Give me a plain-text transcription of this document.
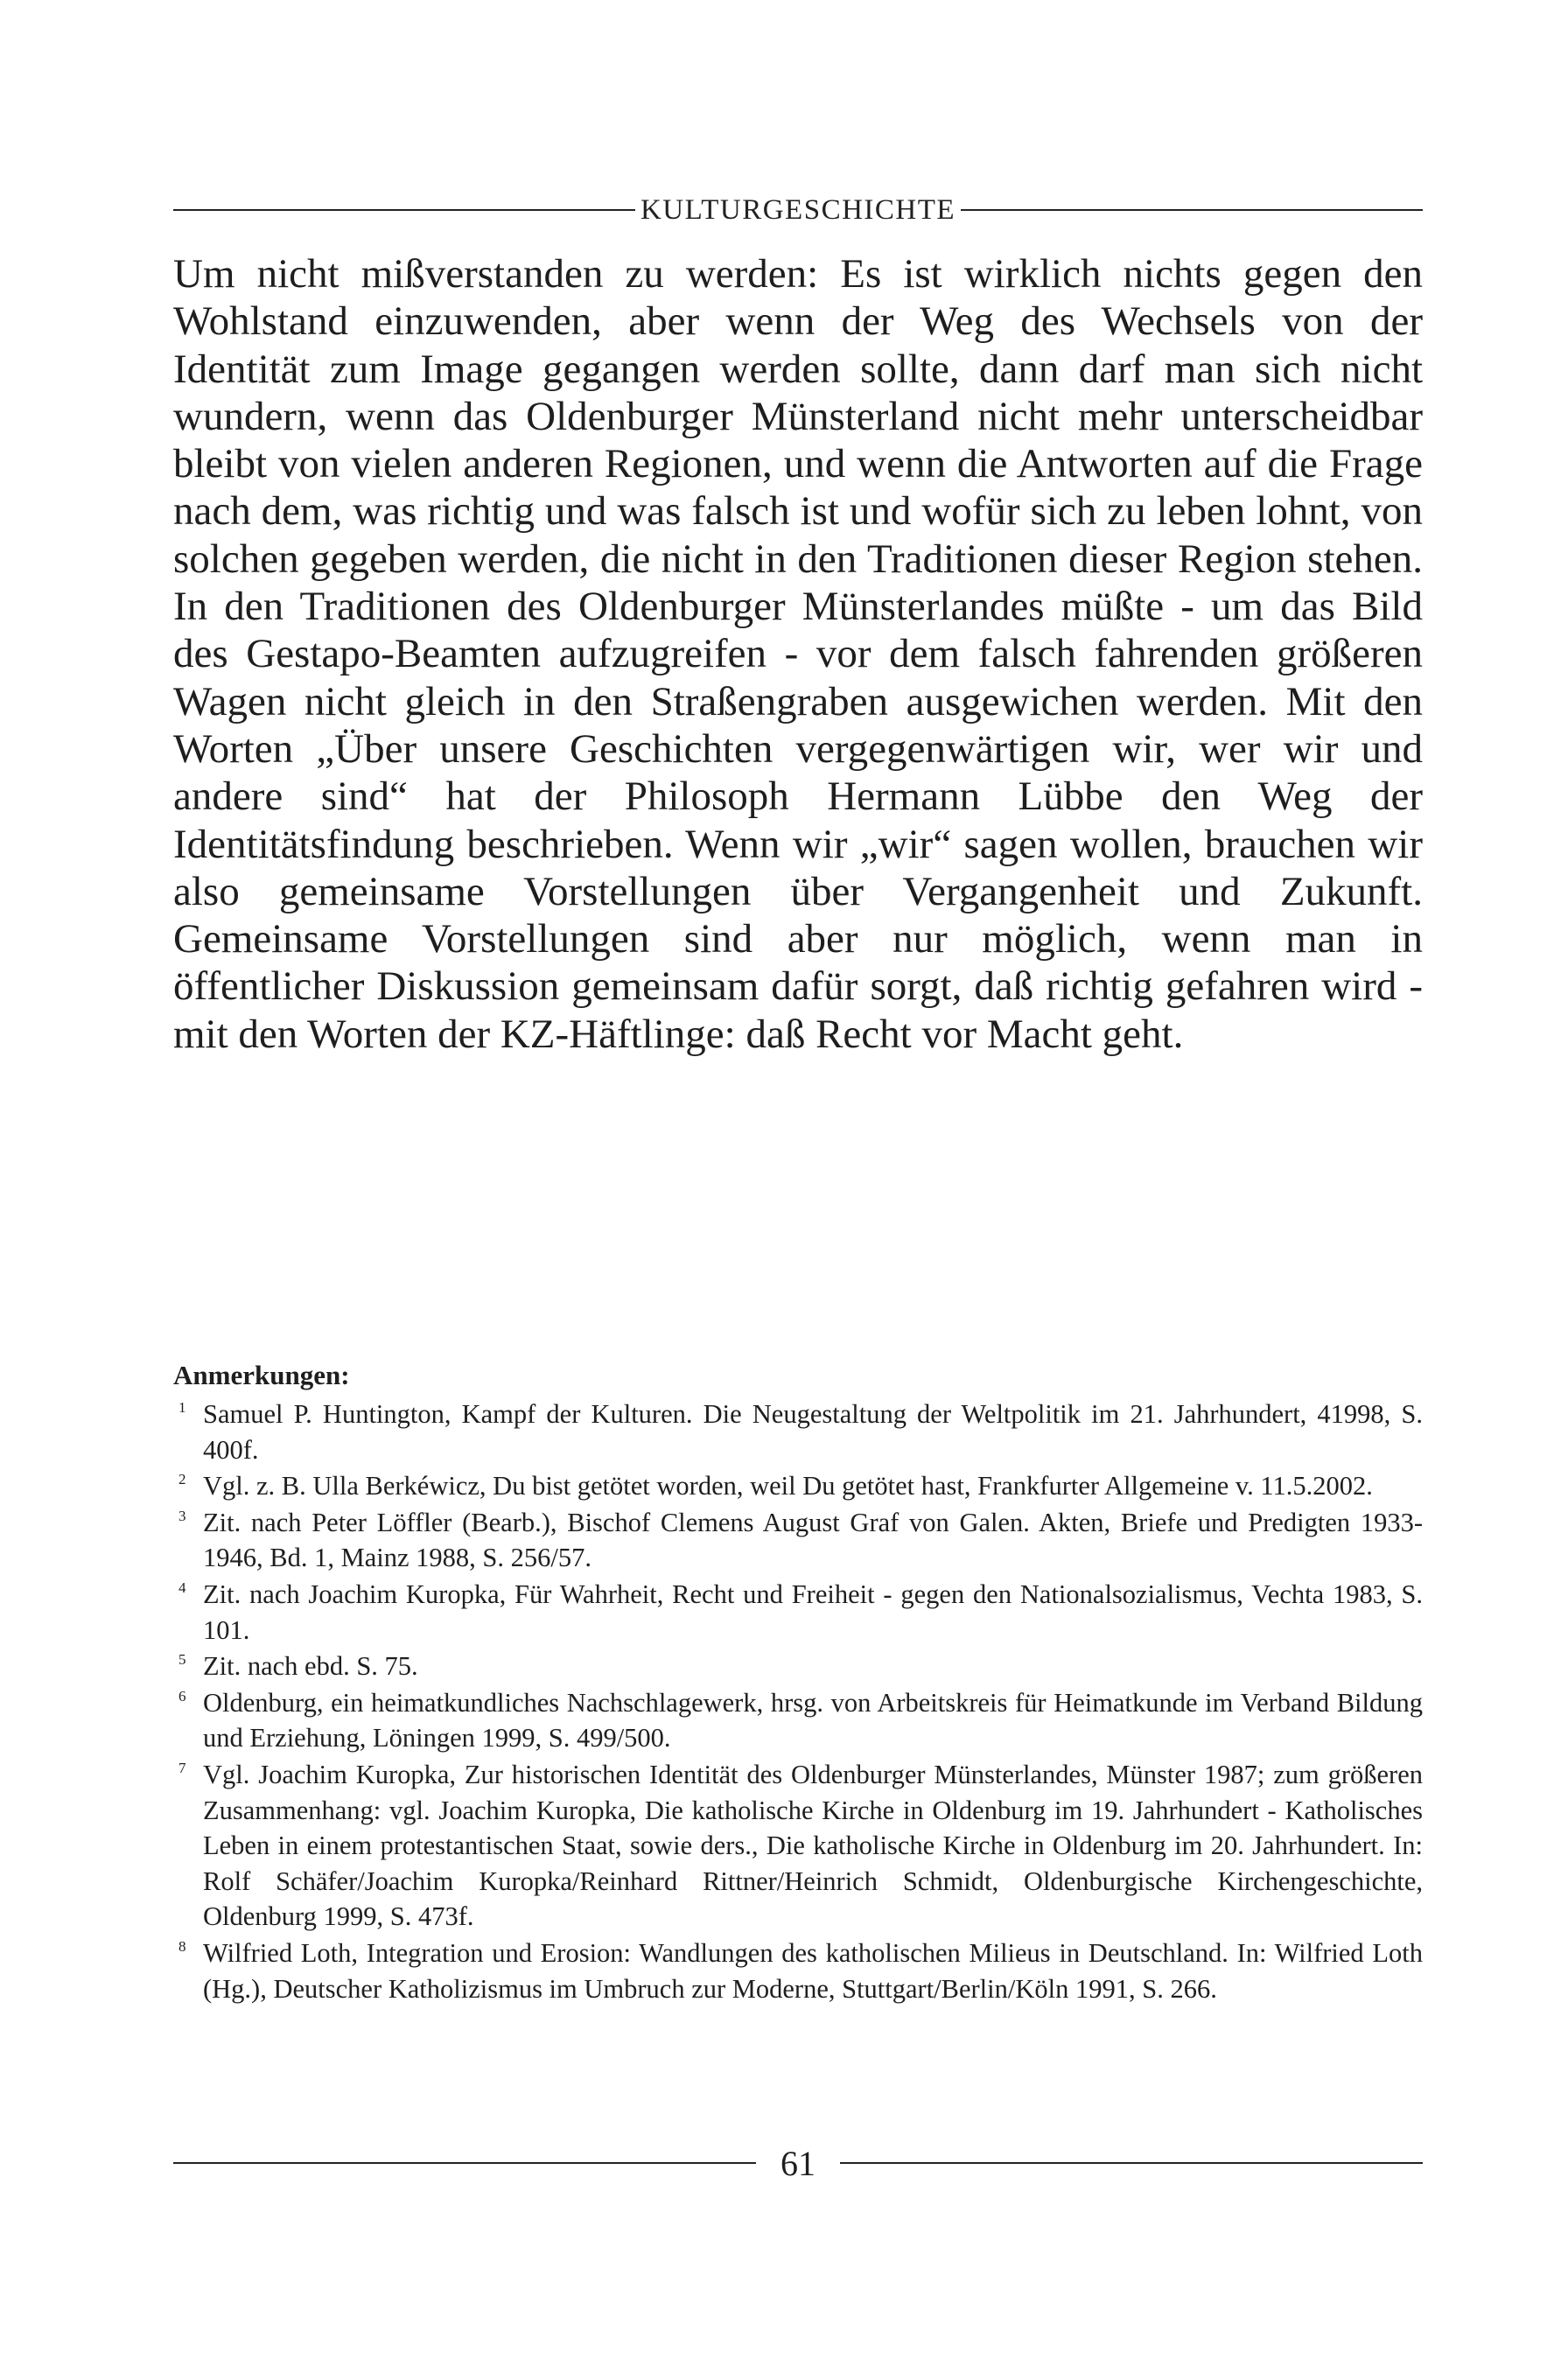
KULTURGESCHICHTE

Um nicht mißverstanden zu werden: Es ist wirklich nichts gegen den Wohlstand einzuwenden, aber wenn der Weg des Wechsels von der Identität zum Image gegangen werden sollte, dann darf man sich nicht wundern, wenn das Oldenburger Münsterland nicht mehr unterscheidbar bleibt von vielen anderen Regionen, und wenn die Antworten auf die Frage nach dem, was richtig und was falsch ist und wofür sich zu leben lohnt, von solchen gegeben werden, die nicht in den Traditionen dieser Region stehen. In den Traditionen des Oldenburger Münsterlandes müßte - um das Bild des Gestapo-Beamten aufzugreifen - vor dem falsch fahrenden größeren Wagen nicht gleich in den Straßengraben ausgewichen werden. Mit den Worten „Über unsere Geschichten vergegenwärtigen wir, wer wir und andere sind“ hat der Philosoph Hermann Lübbe den Weg der Identitätsfindung beschrieben. Wenn wir „wir“ sagen wollen, brauchen wir also gemeinsame Vorstellungen über Vergangenheit und Zukunft. Gemeinsame Vorstellungen sind aber nur möglich, wenn man in öffentlicher Diskussion gemeinsam dafür sorgt, daß richtig gefahren wird - mit den Worten der KZ-Häftlinge: daß Recht vor Macht geht.

Anmerkungen:
1 Samuel P. Huntington, Kampf der Kulturen. Die Neugestaltung der Weltpolitik im 21. Jahrhundert, 41998, S. 400f.
2 Vgl. z. B. Ulla Berkéwicz, Du bist getötet worden, weil Du getötet hast, Frankfurter Allgemeine v. 11.5.2002.
3 Zit. nach Peter Löffler (Bearb.), Bischof Clemens August Graf von Galen. Akten, Briefe und Predigten 1933-1946, Bd. 1, Mainz 1988, S. 256/57.
4 Zit. nach Joachim Kuropka, Für Wahrheit, Recht und Freiheit - gegen den Nationalsozialismus, Vechta 1983, S. 101.
5 Zit. nach ebd. S. 75.
6 Oldenburg, ein heimatkundliches Nachschlagewerk, hrsg. von Arbeitskreis für Heimatkunde im Verband Bildung und Erziehung, Löningen 1999, S. 499/500.
7 Vgl. Joachim Kuropka, Zur historischen Identität des Oldenburger Münsterlandes, Münster 1987; zum größeren Zusammenhang: vgl. Joachim Kuropka, Die katholische Kirche in Oldenburg im 19. Jahrhundert - Katholisches Leben in einem protestantischen Staat, sowie ders., Die katholische Kirche in Oldenburg im 20. Jahrhundert. In: Rolf Schäfer/Joachim Kuropka/Reinhard Rittner/Heinrich Schmidt, Oldenburgische Kirchengeschichte, Oldenburg 1999, S. 473f.
8 Wilfried Loth, Integration und Erosion: Wandlungen des katholischen Milieus in Deutschland. In: Wilfried Loth (Hg.), Deutscher Katholizismus im Umbruch zur Moderne, Stuttgart/Berlin/Köln 1991, S. 266.
61
